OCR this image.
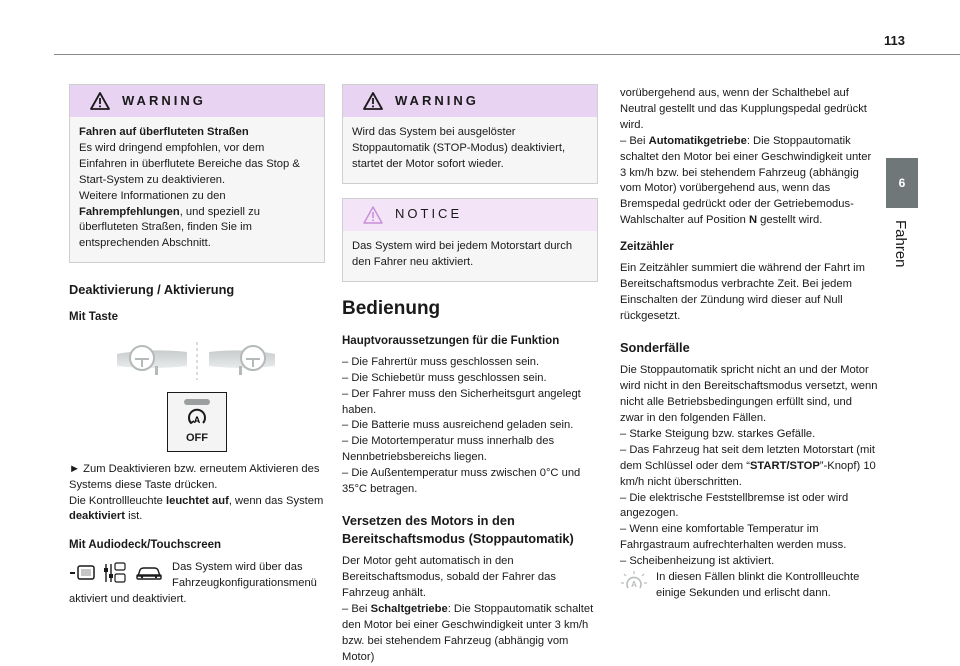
113
6
Fahren
WARNING

Fahren auf überfluteten Straßen

Es wird dringend empfohlen, vor dem Einfahren in überflutete Bereiche das Stop & Start-System zu deaktivieren.

Weitere Informationen zu den Fahrempfehlungen, und speziell zu überfluteten Straßen, finden Sie im entsprechenden Abschnitt.

Deaktivierung / Aktivierung
Mit Taste
A
OFF

► Zum Deaktivieren bzw. erneutem Aktivieren des Systems diese Taste drücken.

Die Kontrollleuchte leuchtet auf, wenn das System deaktiviert ist.

Mit Audiodeck/Touchscreen

Das System wird über das Fahrzeugkonfigurationsmenü

aktiviert und deaktiviert.

WARNING

Wird das System bei ausgelöster Stoppautomatik (STOP-Modus) deaktiviert, startet der Motor sofort wieder.

NOTICE

Das System wird bei jedem Motorstart durch den Fahrer neu aktiviert.

Bedienung
Hauptvoraussetzungen für die Funktion

– Die Fahrertür muss geschlossen sein.

– Die Schiebetür muss geschlossen sein.

– Der Fahrer muss den Sicherheitsgurt angelegt haben.

– Die Batterie muss ausreichend geladen sein.

– Die Motortemperatur muss innerhalb des Nennbetriebsbereichs liegen.

– Die Außentemperatur muss zwischen 0°C und 35°C betragen.

Versetzen des Motors in den Bereitschaftsmodus (Stoppautomatik)

Der Motor geht automatisch in den Bereitschaftsmodus, sobald der Fahrer das Fahrzeug anhält.

– Bei Schaltgetriebe: Die Stoppautomatik schaltet den Motor bei einer Geschwindigkeit unter 3 km/h bzw. bei stehendem Fahrzeug (abhängig vom Motor)

vorübergehend aus, wenn der Schalthebel auf Neutral gestellt und das Kupplungspedal gedrückt wird.

– Bei Automatikgetriebe: Die Stoppautomatik schaltet den Motor bei einer Geschwindigkeit unter 3 km/h bzw. bei stehendem Fahrzeug (abhängig vom Motor) vorübergehend aus, wenn das Bremspedal gedrückt oder der Getriebemodus-Wahlschalter auf Position N gestellt wird.

Zeitzähler

Ein Zeitzähler summiert die während der Fahrt im Bereitschaftsmodus verbrachte Zeit. Bei jedem Einschalten der Zündung wird dieser auf Null rückgesetzt.

Sonderfälle

Die Stoppautomatik spricht nicht an und der Motor wird nicht in den Bereitschaftsmodus versetzt, wenn nicht alle Betriebsbedingungen erfüllt sind, und zwar in den folgenden Fällen.

– Starke Steigung bzw. starkes Gefälle.

– Das Fahrzeug hat seit dem letzten Motorstart (mit dem Schlüssel oder dem “START/STOP”-Knopf) 10 km/h nicht überschritten.

– Die elektrische Feststellbremse ist oder wird angezogen.

– Wenn eine komfortable Temperatur im Fahrgastraum aufrechterhalten werden muss.

– Scheibenheizung ist aktiviert.

A

In diesen Fällen blinkt die Kontrollleuchte einige Sekunden und erlischt dann.
